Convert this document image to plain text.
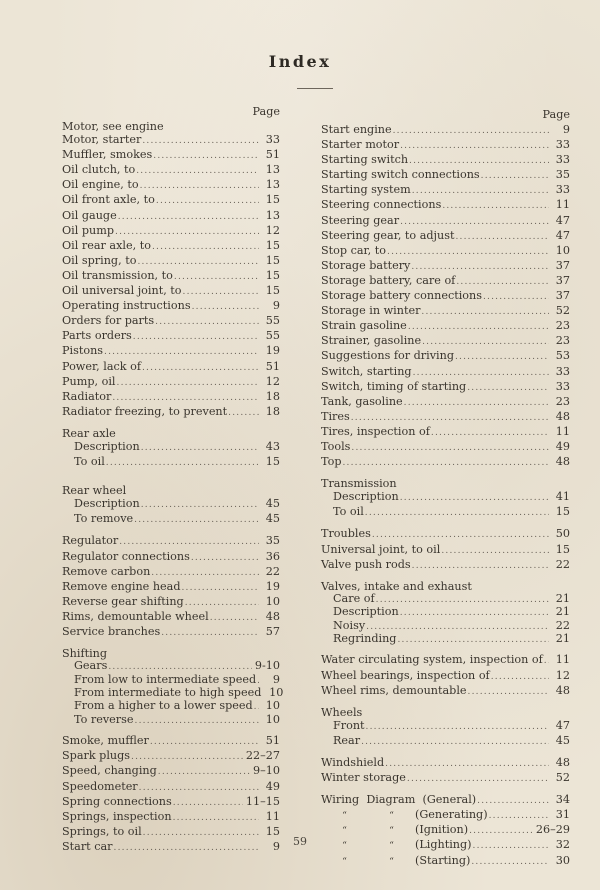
Index
Page
Motor, see engine
Motor, starter .....	33
Muffler, smokes .....	51
Oil clutch, to .....	13
Oil engine, to .....	13
Oil front axle, to .....	15
Oil gauge .....	13
Oil pump .....	12
Oil rear axle, to .....	15
Oil spring, to .....	15
Oil transmission, to .....	15
Oil universal joint, to .....	15
Operating instructions .....	9
Orders for parts .....	55
Parts orders .....	55
Pistons .....	19
Power, lack of .....	51
Pump, oil .....	12
Radiator .....	18
Radiator freezing, to prevent .....	18
Rear axle
Description .....	43
To oil .....	15
Rear wheel
Description .....	45
To remove .....	45
Regulator .....	35
Regulator connections .....	36
Remove carbon .....	22
Remove engine head .....	19
Reverse gear shifting .....	10
Rims, demountable wheel .....	48
Service branches .....	57
Shifting
Gears .....	9-10
From low to intermediate speed .....	9
From intermediate to high speed 10
From a higher to a lower speed .....	10
To reverse .....	10
Smoke, muffler .....	51
Spark plugs .....	22–27
Speed, changing .....	9–10
Speedometer .....	49
Spring connections .....	11–15
Springs, inspection .....	11
Springs, to oil .....	15
Start car .....	9
Page
Start engine .....	9
Starter motor .....	33
Starting switch .....	33
Starting switch connections .....	35
Starting system .....	33
Steering connections .....	11
Steering gear .....	47
Steering gear, to adjust .....	47
Stop car, to .....	10
Storage battery .....	37
Storage battery, care of .....	37
Storage battery connections .....	37
Storage in winter .....	52
Strain gasoline .....	23
Strainer, gasoline .....	23
Suggestions for driving .....	53
Switch, starting .....	33
Switch, timing of starting .....	33
Tank, gasoline .....	23
Tires .....	48
Tires, inspection of .....	11
Tools .....	49
Top .....	48
Transmission
Description .....	41
To oil .....	15
Troubles .....	50
Universal joint, to oil .....	15
Valve push rods .....	22
Valves, intake and exhaust
Care of .....	21
Description .....	21
Noisy .....	22
Regrinding .....	21
Water circulating system, inspection of .....	11
Wheel bearings, inspection of .....	12
Wheel rims, demountable .....	48
Wheels
Front .....	47
Rear .....	45
Windshield .....	48
Winter storage .....	52
Wiring Diagram (General) .....	34
“	“ (Generating) .....	31
“	“ (Ignition) .....	26–29
“	“ (Lighting) .....	32
“	“ (Starting) .....	30
59
